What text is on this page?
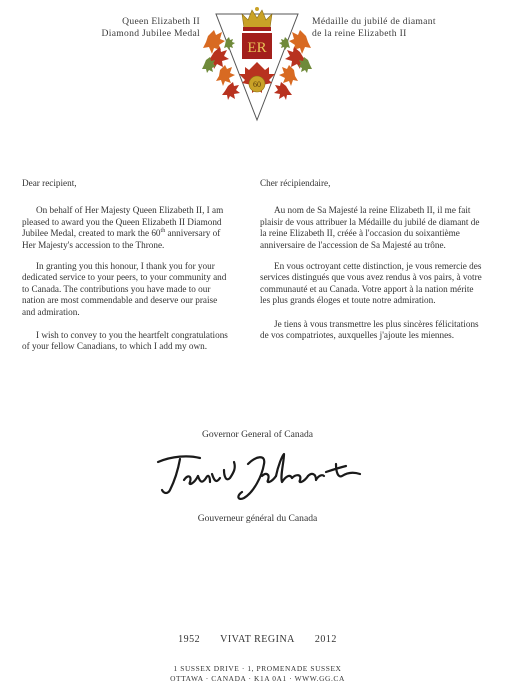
Queen Elizabeth II
Diamond Jubilee Medal
ER
60
Médaille du jubilé de diamant
de la reine Elizabeth II

Dear recipient,

On behalf of Her Majesty Queen Elizabeth II, I am pleased to award you the Queen Elizabeth II Diamond Jubilee Medal, created to mark the 60th anniversary of Her Majesty's accession to the Throne.

In granting you this honour, I thank you for your dedicated service to your peers, to your community and to Canada. The contributions you have made to our nation are most commendable and deserve our praise and admiration.

I wish to convey to you the heartfelt congratulations of your fellow Canadians, to which I add my own.

Cher récipiendaire,

Au nom de Sa Majesté la reine Elizabeth II, il me fait plaisir de vous attribuer la Médaille du jubilé de diamant de la reine Elizabeth II, créée à l'occasion du soixantième anniversaire de l'accession de Sa Majesté au trône.

En vous octroyant cette distinction, je vous remercie des services distingués que vous avez rendus à vos pairs, à votre communauté et au Canada. Votre apport à la nation mérite les plus grands éloges et toute notre admiration.

Je tiens à vous transmettre les plus sincères félicitations de vos compatriotes, auxquelles j'ajoute les miennes.

Governor General of Canada
Gouverneur général du Canada
1952 VIVAT REGINA 2012
1 SUSSEX DRIVE · 1, PROMENADE SUSSEX
OTTAWA · CANADA · K1A 0A1 · WWW.GG.CA
